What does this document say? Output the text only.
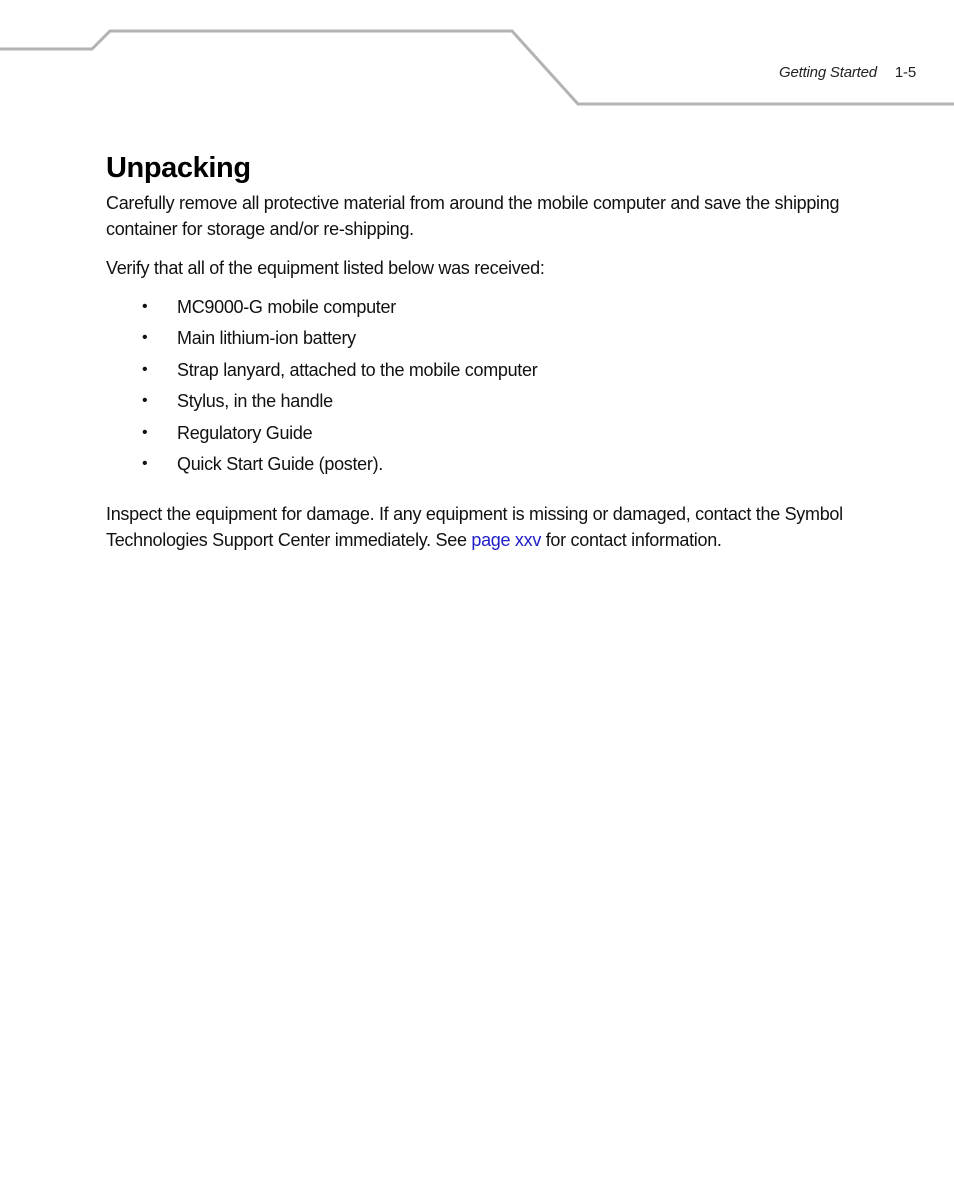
Getting Started 1-5
Unpacking

Carefully remove all protective material from around the mobile computer and save the shipping container for storage and/or re-shipping.

Verify that all of the equipment listed below was received:

• MC9000-G mobile computer
• Main lithium-ion battery
• Strap lanyard, attached to the mobile computer
• Stylus, in the handle
• Regulatory Guide
• Quick Start Guide (poster).

Inspect the equipment for damage. If any equipment is missing or damaged, contact the Symbol Technologies Support Center immediately. See page xxv for contact information.
